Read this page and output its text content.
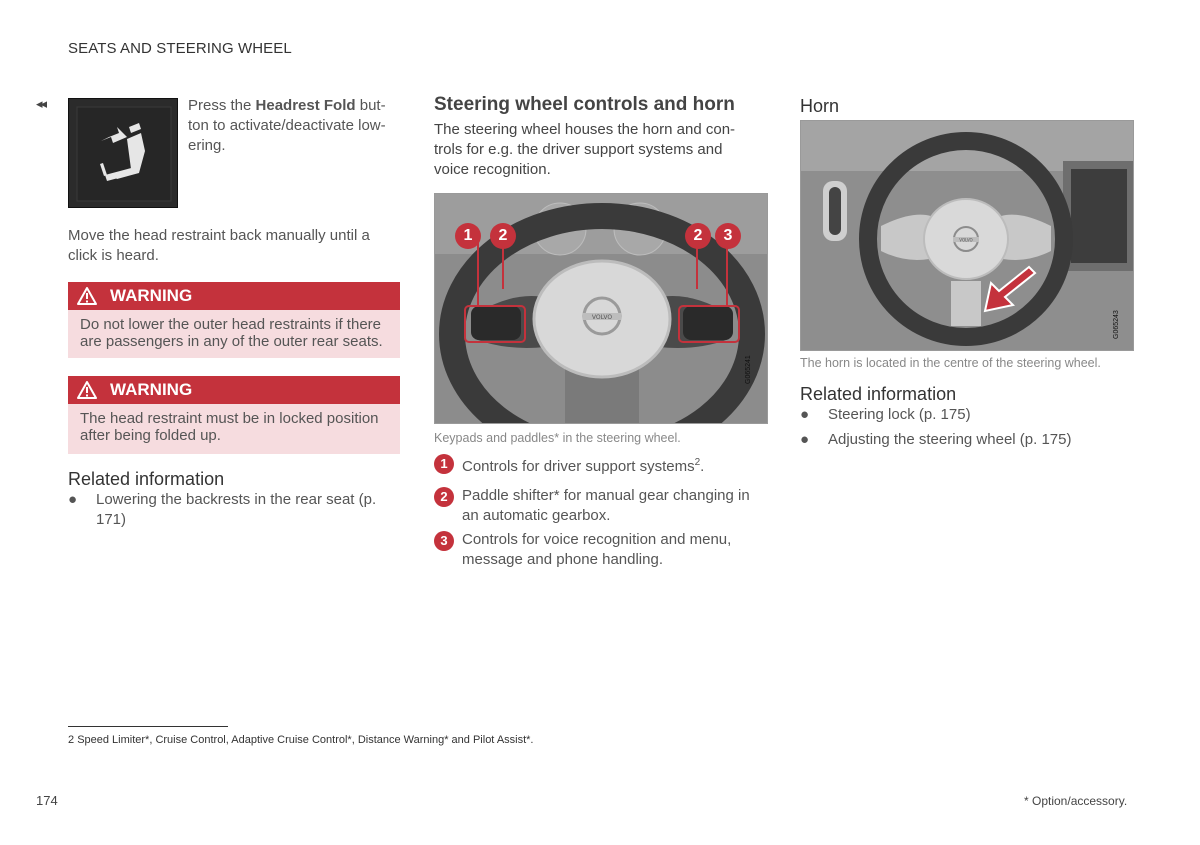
SEATS AND STEERING WHEEL
◂◂	Press the Headrest Fold but-ton to activate/deactivate low-ering.
Move the head restraint back manually until a click is heard.
WARNING
Do not lower the outer head restraints if there are passengers in any of the outer rear seats.
WARNING
The head restraint must be in locked position after being folded up.
Related information
●	Lowering the backrests in the rear seat (p. 171)
Steering wheel controls and horn
The steering wheel houses the horn and con-trols for e.g. the driver support systems and voice recognition.
VOLVO
1	2	2	3
G065241
Keypads and paddles* in the steering wheel.
1 Controls for driver support systems$^2$.
2 Paddle shifter* for manual gear changing in an automatic gearbox.
3 Controls for voice recognition and menu, message and phone handling.
Horn
VOLVO
G065243
The horn is located in the centre of the steering wheel.
Related information
●	Steering lock (p. 175)
●	Adjusting the steering wheel (p. 175)
2 Speed Limiter*, Cruise Control, Adaptive Cruise Control*, Distance Warning* and Pilot Assist*.
174	* Option/accessory.
